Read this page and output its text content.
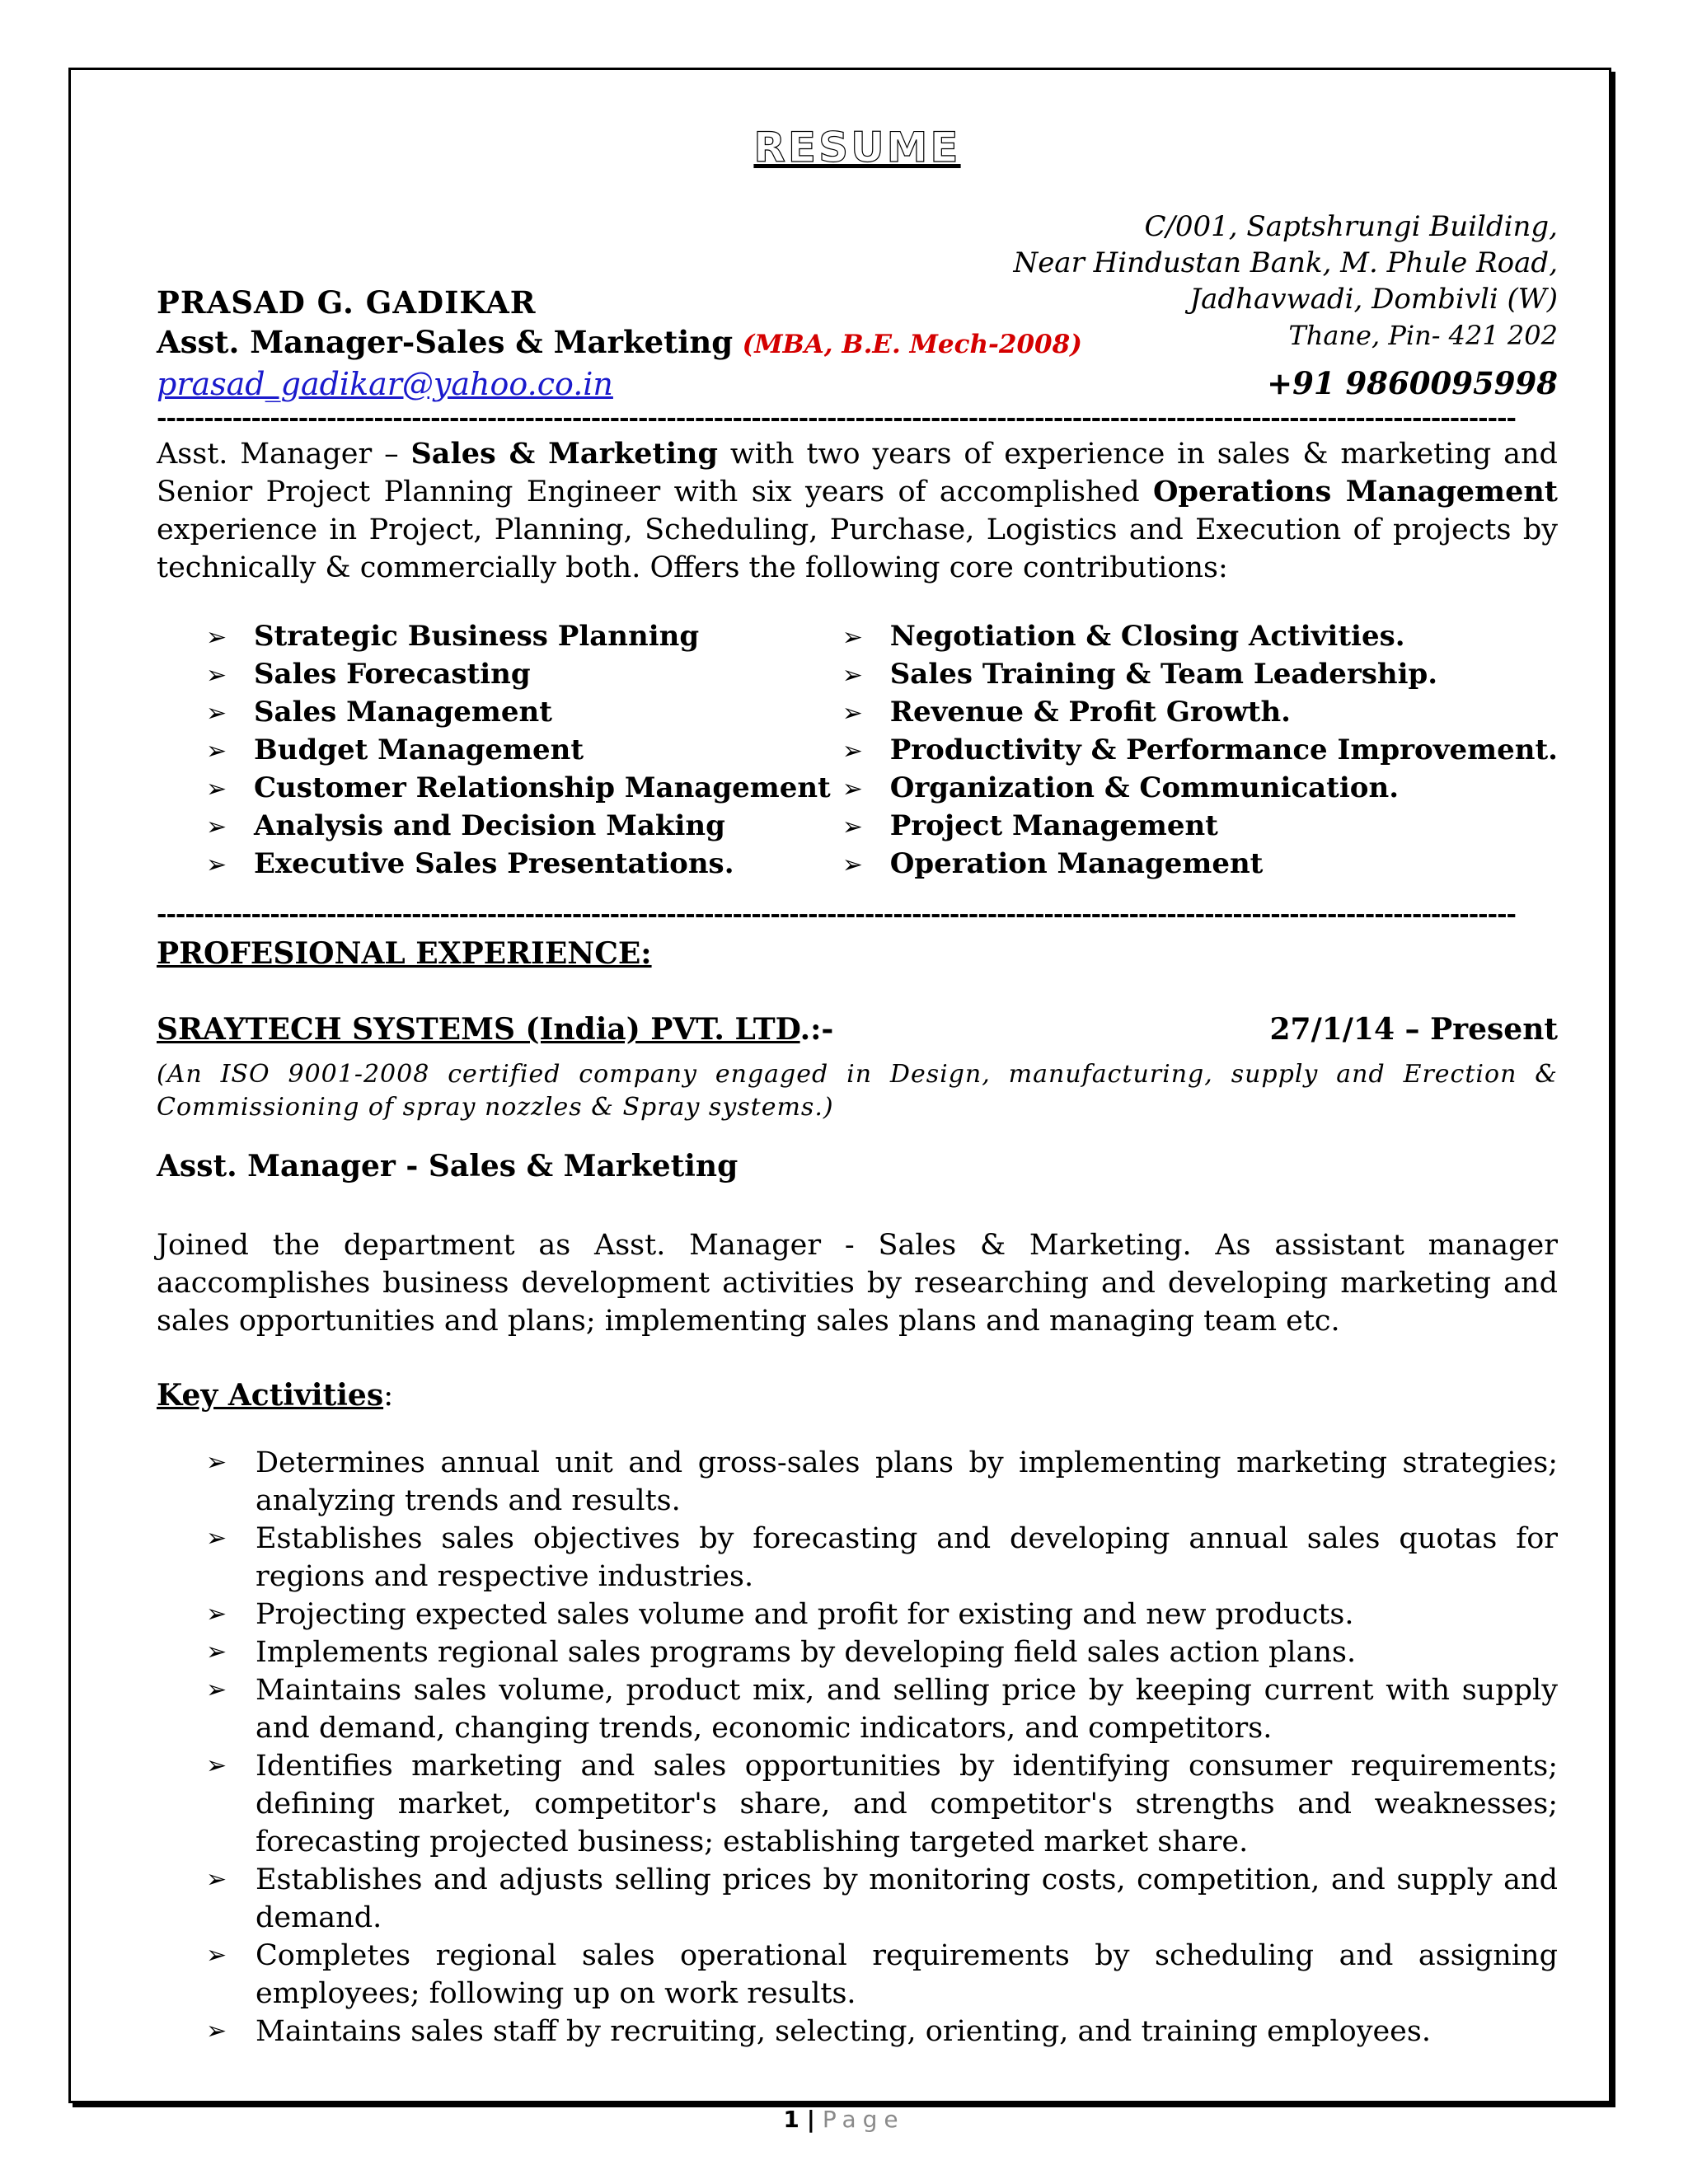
RESUME
C/001, Saptshrungi Building,
Near Hindustan Bank, M. Phule Road,
Jadhavwadi, Dombivli (W)
Thane, Pin- 421 202
PRASAD G. GADIKAR
Asst. Manager-Sales & Marketing (MBA, B.E. Mech-2008)
prasad_gadikar@yahoo.co.in	+91 9860095998
------------------------------------------------------------------------------------------------------------------------------------------------

Asst. Manager – Sales & Marketing with two years of experience in sales & marketing and Senior Project Planning Engineer with six years of accomplished Operations Management experience in Project, Planning, Scheduling, Purchase, Logistics and Execution of projects by technically & commercially both. Offers the following core contributions:

➢ Strategic Business Planning
➢ Sales Forecasting
➢ Sales Management
➢ Budget Management
➢ Customer Relationship Management
➢ Analysis and Decision Making
➢ Executive Sales Presentations.
➢ Negotiation & Closing Activities.
➢ Sales Training & Team Leadership.
➢ Revenue & Profit Growth.
➢ Productivity & Performance Improvement.
➢ Organization & Communication.
➢ Project Management
➢ Operation Management
------------------------------------------------------------------------------------------------------------------------------------------------
PROFESIONAL EXPERIENCE:
SRAYTECH SYSTEMS (India) PVT. LTD.:-	27/1/14 – Present
(An ISO 9001-2008 certified company engaged in Design, manufacturing, supply and Erection & Commissioning of spray nozzles & Spray systems.)
Asst. Manager - Sales & Marketing

Joined the department as Asst. Manager - Sales & Marketing. As assistant manager aaccomplishes business development activities by researching and developing marketing and sales opportunities and plans; implementing sales plans and managing team etc.

Key Activities:
➢ Determines annual unit and gross-sales plans by implementing marketing strategies; analyzing trends and results.
➢ Establishes sales objectives by forecasting and developing annual sales quotas for regions and respective industries.
➢ Projecting expected sales volume and profit for existing and new products.
➢ Implements regional sales programs by developing field sales action plans.
➢ Maintains sales volume, product mix, and selling price by keeping current with supply and demand, changing trends, economic indicators, and competitors.
➢ Identifies marketing and sales opportunities by identifying consumer requirements; defining market, competitor's share, and competitor's strengths and weaknesses; forecasting projected business; establishing targeted market share.
➢ Establishes and adjusts selling prices by monitoring costs, competition, and supply and demand.
➢ Completes regional sales operational requirements by scheduling and assigning employees; following up on work results.
➢ Maintains sales staff by recruiting, selecting, orienting, and training employees.
1 | Page
